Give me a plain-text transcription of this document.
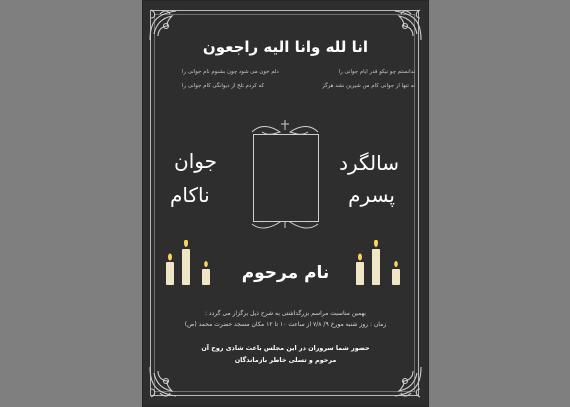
انا لله وانا الیه راجعون
ندانستم چو نیکو قدر ایام جوانی را
دلم خون می شود چون بشنوم نام جوانی را
نه تنها از جوانی کام من شیرین نشد هرگز
که کردم تلخ از دیوانگی کام جوانی را
سالگرد
پسرم
جوان
ناکام
نام مرحوم
بهمین مناسبت مراسم بزرگداشتی به شرح ذیل برگزار می گردد :
زمان : روز شنبه مورخ ۹/ ۷/۸ از ساعت ۱۰ تا ۱۲ مکان مسجد حضرت محمد (ص)
حضور شما سروران در این مجلس باعث شادی روح آن
مرحوم و تسلی خاطر بازماندگان
